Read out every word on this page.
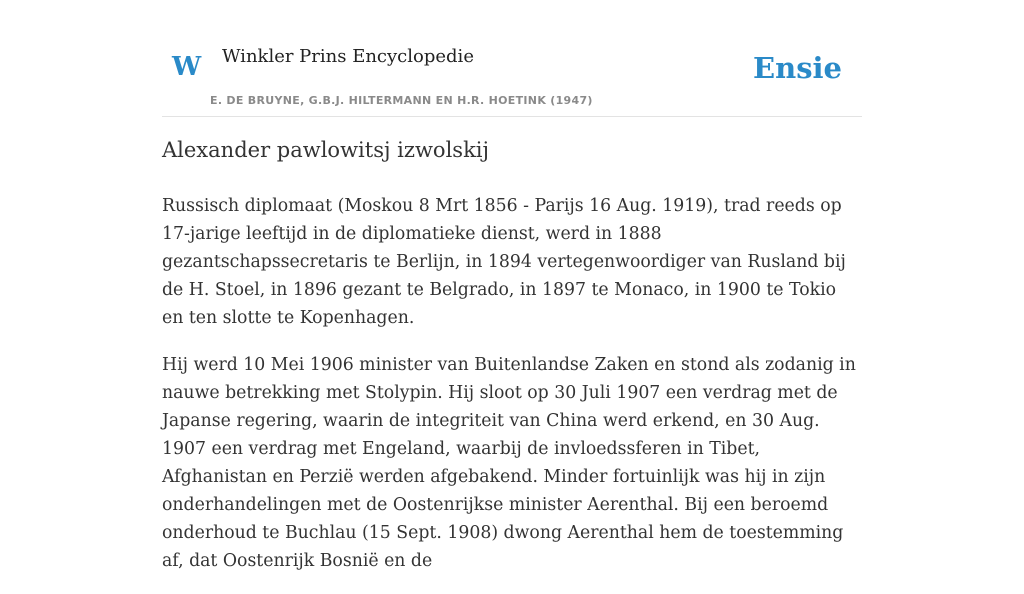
W Winkler Prins Encyclopedie
E. DE BRUYNE, G.B.J. HILTERMANN EN H.R. HOETINK (1947)
Ensie
Alexander pawlowitsj izwolskij

Russisch diplomaat (Moskou 8 Mrt 1856 - Parijs 16 Aug. 1919), trad reeds op 17-jarige leeftijd in de diplomatieke dienst, werd in 1888 gezantschapssecretaris te Berlijn, in 1894 vertegenwoordiger van Rusland bij de H. Stoel, in 1896 gezant te Belgrado, in 1897 te Monaco, in 1900 te Tokio en ten slotte te Kopenhagen.

Hij werd 10 Mei 1906 minister van Buitenlandse Zaken en stond als zodanig in nauwe betrekking met Stolypin. Hij sloot op 30 Juli 1907 een verdrag met de Japanse regering, waarin de integriteit van China werd erkend, en 30 Aug. 1907 een verdrag met Engeland, waarbij de invloedssferen in Tibet, Afghanistan en Perzië werden afgebakend. Minder fortuinlijk was hij in zijn onderhandelingen met de Oostenrijkse minister Aerenthal. Bij een beroemd onderhoud te Buchlau (15 Sept. 1908) dwong Aerenthal hem de toestemming af, dat Oostenrijk Bosnië en de
